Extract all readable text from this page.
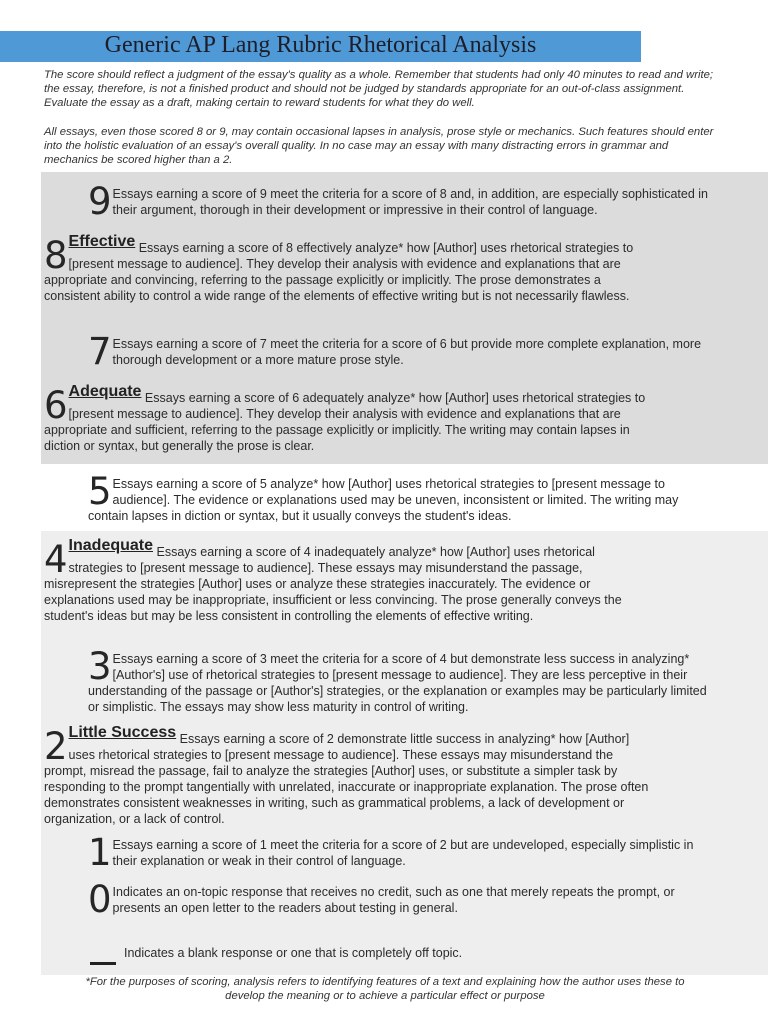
Generic AP Lang Rubric Rhetorical Analysis

The score should reflect a judgment of the essay's quality as a whole. Remember that students had only 40 minutes to read and write; the essay, therefore, is not a finished product and should not be judged by standards appropriate for an out-of-class assignment. Evaluate the essay as a draft, making certain to reward students for what they do well.

All essays, even those scored 8 or 9, may contain occasional lapses in analysis, prose style or mechanics. Such features should enter into the holistic evaluation of an essay's overall quality. In no case may an essay with many distracting errors in grammar and mechanics be scored higher than a 2.

9 Essays earning a score of 9 meet the criteria for a score of 8 and, in addition, are especially sophisticated in their argument, thorough in their development or impressive in their control of language.

8 Effective Essays earning a score of 8 effectively analyze* how [Author] uses rhetorical strategies to [present message to audience]. They develop their analysis with evidence and explanations that are appropriate and convincing, referring to the passage explicitly or implicitly. The prose demonstrates a consistent ability to control a wide range of the elements of effective writing but is not necessarily flawless.

7 Essays earning a score of 7 meet the criteria for a score of 6 but provide more complete explanation, more thorough development or a more mature prose style.

6 Adequate Essays earning a score of 6 adequately analyze* how [Author] uses rhetorical strategies to [present message to audience]. They develop their analysis with evidence and explanations that are appropriate and sufficient, referring to the passage explicitly or implicitly. The writing may contain lapses in diction or syntax, but generally the prose is clear.

5 Essays earning a score of 5 analyze* how [Author] uses rhetorical strategies to [present message to audience]. The evidence or explanations used may be uneven, inconsistent or limited. The writing may contain lapses in diction or syntax, but it usually conveys the student's ideas.

4 Inadequate Essays earning a score of 4 inadequately analyze* how [Author] uses rhetorical strategies to [present message to audience]. These essays may misunderstand the passage, misrepresent the strategies [Author] uses or analyze these strategies inaccurately. The evidence or explanations used may be inappropriate, insufficient or less convincing. The prose generally conveys the student's ideas but may be less consistent in controlling the elements of effective writing.

3 Essays earning a score of 3 meet the criteria for a score of 4 but demonstrate less success in analyzing* [Author's] use of rhetorical strategies to [present message to audience]. They are less perceptive in their understanding of the passage or [Author's] strategies, or the explanation or examples may be particularly limited or simplistic. The essays may show less maturity in control of writing.

2 Little Success Essays earning a score of 2 demonstrate little success in analyzing* how [Author] uses rhetorical strategies to [present message to audience]. These essays may misunderstand the prompt, misread the passage, fail to analyze the strategies [Author] uses, or substitute a simpler task by responding to the prompt tangentially with unrelated, inaccurate or inappropriate explanation. The prose often demonstrates consistent weaknesses in writing, such as grammatical problems, a lack of development or organization, or a lack of control.

1 Essays earning a score of 1 meet the criteria for a score of 2 but are undeveloped, especially simplistic in their explanation or weak in their control of language.

0 Indicates an on-topic response that receives no credit, such as one that merely repeats the prompt, or presents an open letter to the readers about testing in general.

Indicates a blank response or one that is completely off topic.

*For the purposes of scoring, analysis refers to identifying features of a text and explaining how the author uses these to develop the meaning or to achieve a particular effect or purpose
